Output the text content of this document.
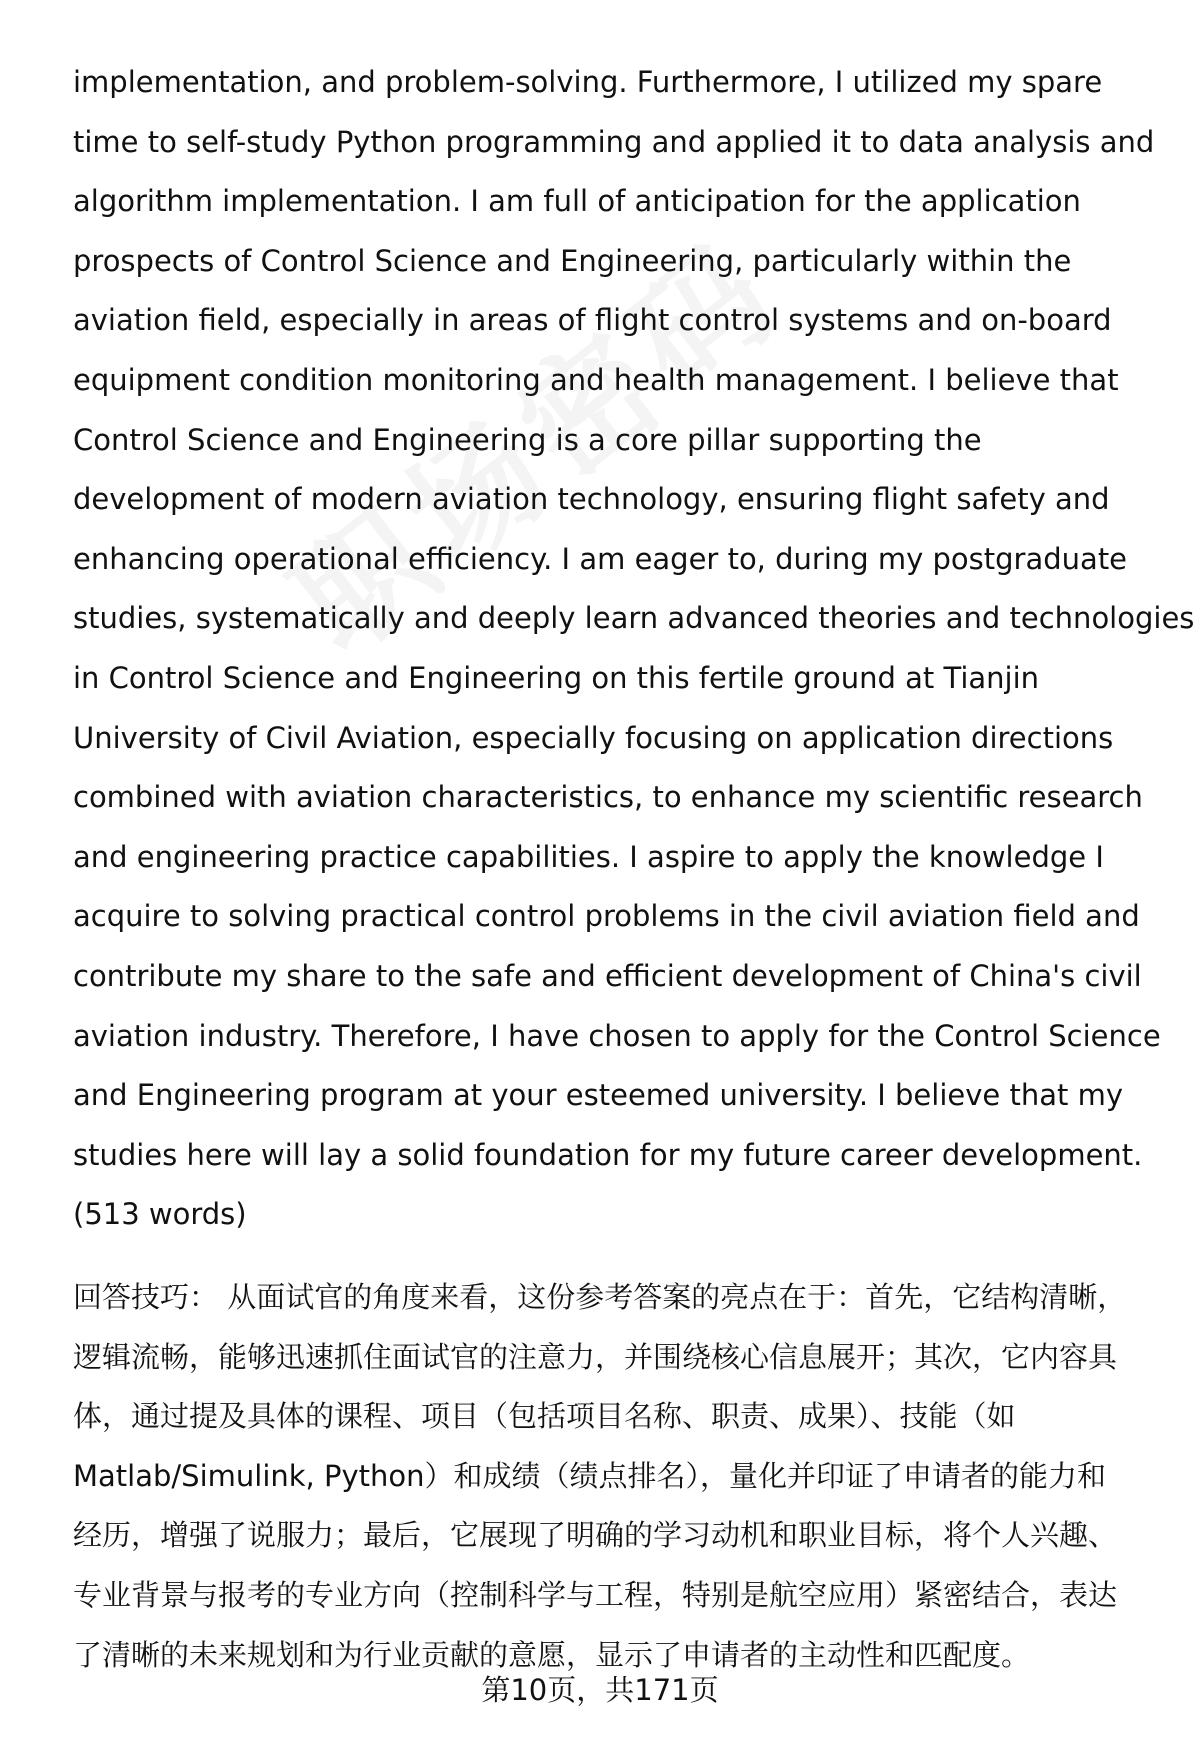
implementation, and problem-solving. Furthermore, I utilized my spare
time to self-study Python programming and applied it to data analysis and
algorithm implementation. I am full of anticipation for the application
prospects of Control Science and Engineering, particularly within the
aviation field, especially in areas of flight control systems and on-board
equipment condition monitoring and health management. I believe that
Control Science and Engineering is a core pillar supporting the
development of modern aviation technology, ensuring flight safety and
enhancing operational efficiency. I am eager to, during my postgraduate
studies, systematically and deeply learn advanced theories and technologies
in Control Science and Engineering on this fertile ground at Tianjin
University of Civil Aviation, especially focusing on application directions
combined with aviation characteristics, to enhance my scientific research
and engineering practice capabilities. I aspire to apply the knowledge I
acquire to solving practical control problems in the civil aviation field and
contribute my share to the safe and efficient development of China's civil
aviation industry. Therefore, I have chosen to apply for the Control Science
and Engineering program at your esteemed university. I believe that my
studies here will lay a solid foundation for my future career development.
(513 words)
回答技巧： 从面试官的角度来看，这份参考答案的亮点在于：首先，它结构清晰，
逻辑流畅，能够迅速抓住面试官的注意力，并围绕核心信息展开；其次，它内容具
体，通过提及具体的课程、项目（包括项目名称、职责、成果）、技能（如
Matlab/Simulink, Python）和成绩（绩点排名），量化并印证了申请者的能力和
经历，增强了说服力；最后，它展现了明确的学习动机和职业目标，将个人兴趣、
专业背景与报考的专业方向（控制科学与工程，特别是航空应用）紧密结合，表达
了清晰的未来规划和为行业贡献的意愿，显示了申请者的主动性和匹配度。
第10页，共171页
